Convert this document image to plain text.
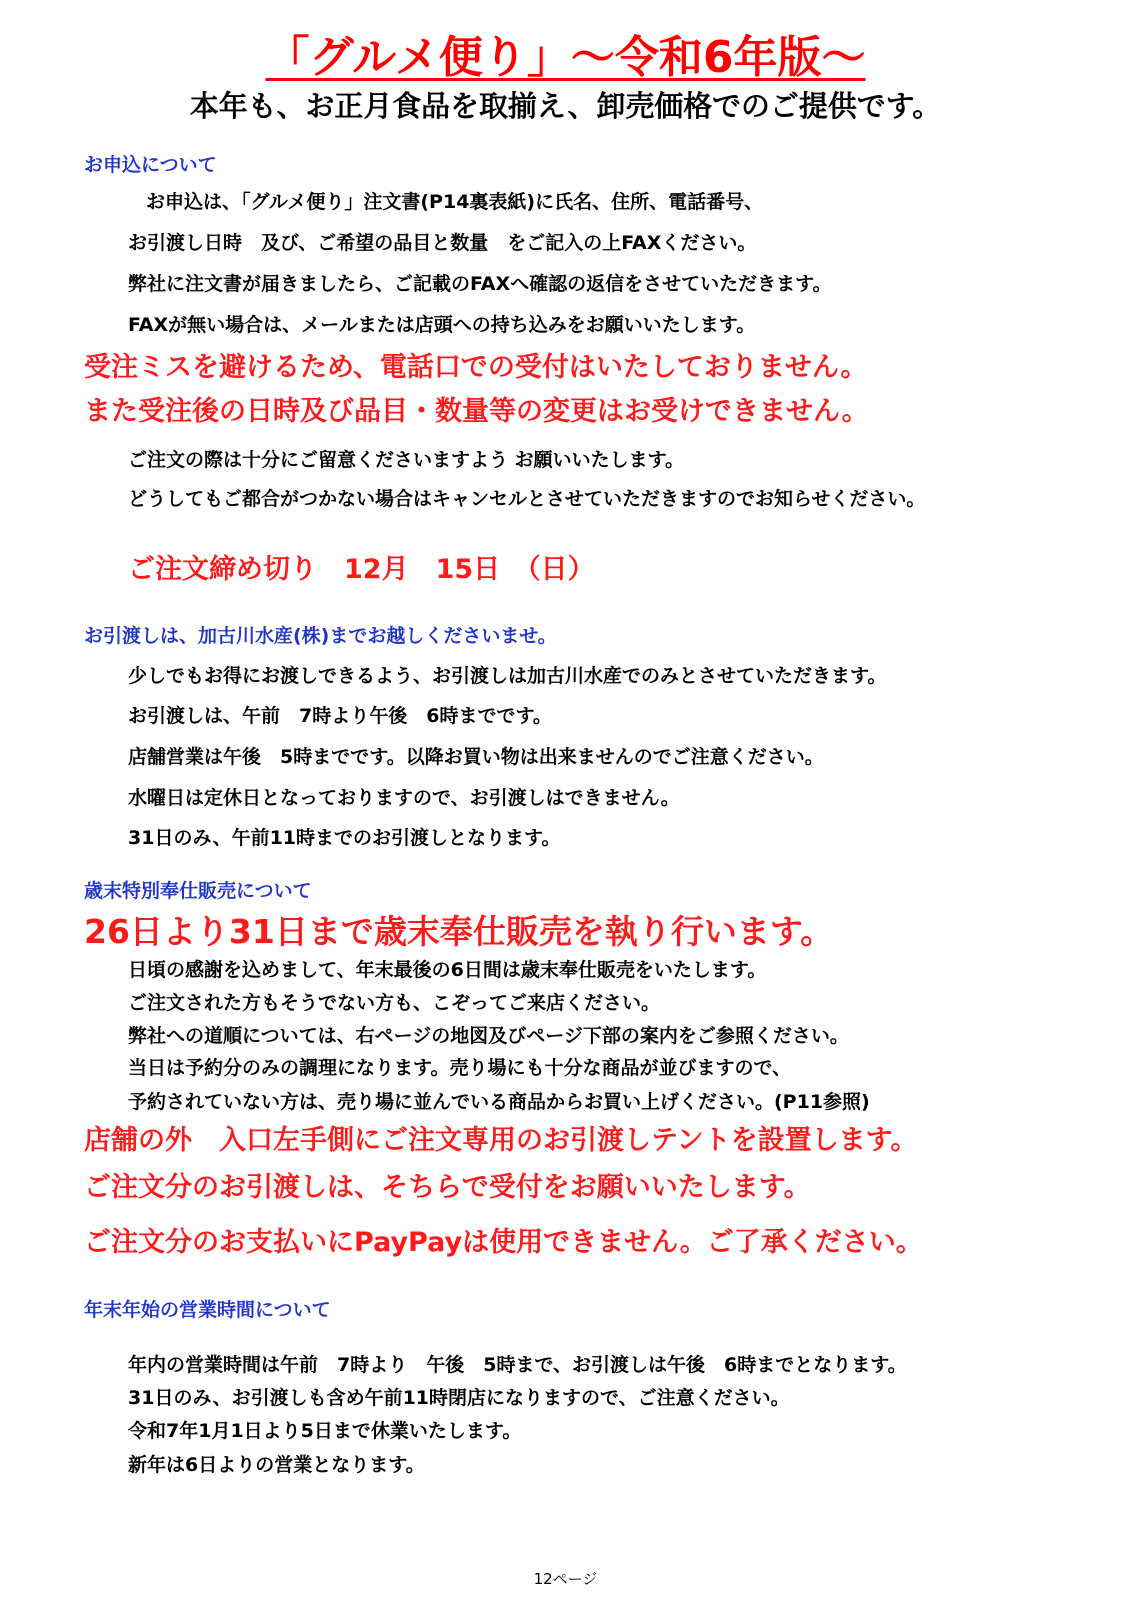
「グルメ便り」～令和6年版～
本年も、お正月食品を取揃え、卸売価格でのご提供です。
お申込について
お申込は、「グルメ便り」注文書(P14裏表紙)に氏名、住所、電話番号、
お引渡し日時　及び、ご希望の品目と数量　をご記入の上FAXください。
弊社に注文書が届きましたら、ご記載のFAXへ確認の返信をさせていただきます。
FAXが無い場合は、メールまたは店頭への持ち込みをお願いいたします。
受注ミスを避けるため、電話口での受付はいたしておりません。
また受注後の日時及び品目・数量等の変更はお受けできません。
ご注文の際は十分にご留意くださいますよう お願いいたします。
どうしてもご都合がつかない場合はキャンセルとさせていただきますのでお知らせください。
ご注文締め切り　12月　15日　（日）
お引渡しは、加古川水産(株)までお越しくださいませ。
少しでもお得にお渡しできるよう、お引渡しは加古川水産でのみとさせていただきます。
お引渡しは、午前　7時より午後　6時までです。
店舗営業は午後　5時までです。以降お買い物は出来ませんのでご注意ください。
水曜日は定休日となっておりますので、お引渡しはできません。
31日のみ、午前11時までのお引渡しとなります。
歳末特別奉仕販売について
26日より31日まで歳末奉仕販売を執り行います。
日頃の感謝を込めまして、年末最後の6日間は歳末奉仕販売をいたします。
ご注文された方もそうでない方も、こぞってご来店ください。
弊社への道順については、右ページの地図及びページ下部の案内をご参照ください。
当日は予約分のみの調理になります。売り場にも十分な商品が並びますので、
予約されていない方は、売り場に並んでいる商品からお買い上げください。(P11参照)
店舗の外　入口左手側にご注文専用のお引渡しテントを設置します。
ご注文分のお引渡しは、そちらで受付をお願いいたします。
ご注文分のお支払いにPayPayは使用できません。ご了承ください。
年末年始の営業時間について
年内の営業時間は午前　7時より　午後　5時まで、お引渡しは午後　6時までとなります。
31日のみ、お引渡しも含め午前11時閉店になりますので、ご注意ください。
令和7年1月1日より5日まで休業いたします。
新年は6日よりの営業となります。
12ページ
